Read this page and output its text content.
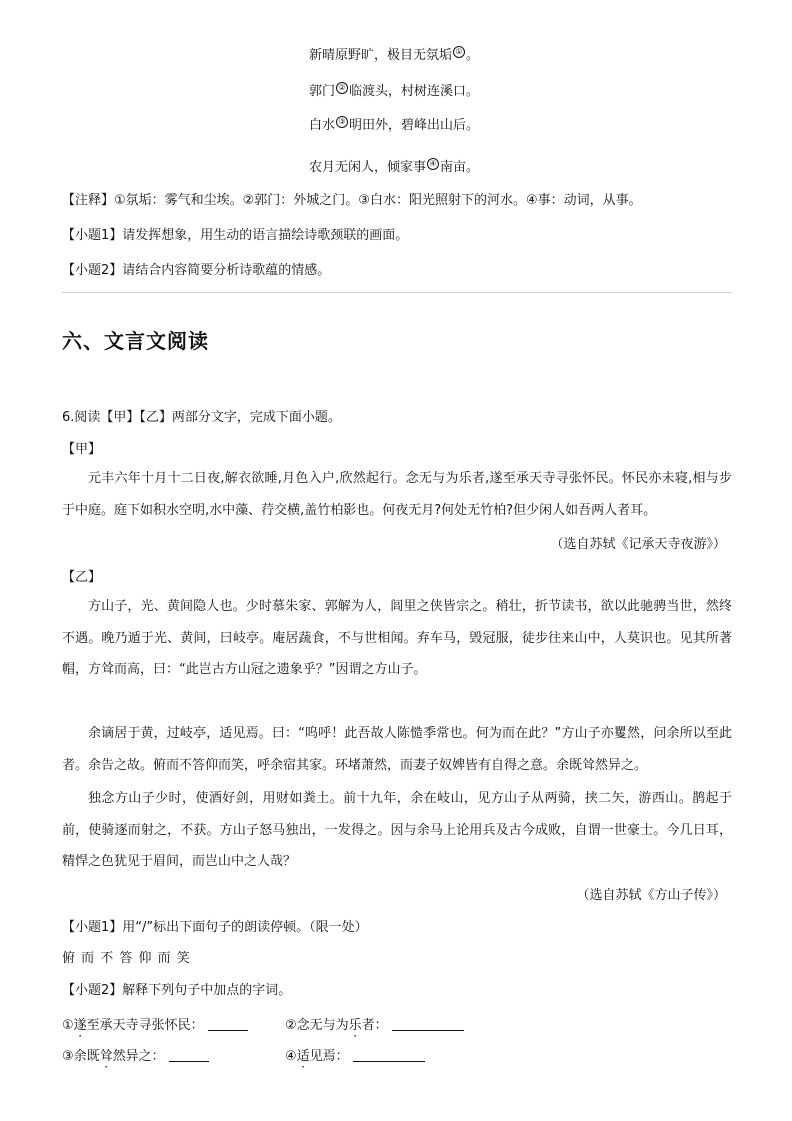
新晴原野旷，极目无氛垢 ① 。
郭门 ② 临渡头，村树连溪口。
白水 ③ 明田外，碧峰出山后。
农月无闲人，倾家事 ④ 南亩。
【注释】①氛垢：雾气和尘埃。②郭门：外城之门。③白水：阳光照射下的河水。④事：动词，从事。
【小题1】请发挥想象，用生动的语言描绘诗歌颈联的画面。
【小题2】请结合内容简要分析诗歌蕴的情感。
六、文言文阅读
6.阅读【甲】【乙】两部分文字，完成下面小题。
【甲】
元丰六年十月十二日夜,解衣欲睡,月色入户,欣然起行。念无与为乐者,遂至承天寺寻张怀民。怀民亦未寝,相与步于中庭。庭下如积水空明,水中藻、荇交横,盖竹柏影也。何夜无月?何处无竹柏?但少闲人如吾两人者耳。
（选自苏轼《记承天寺夜游》）
【乙】
方山子，光、黄间隐人也。少时慕朱家、郭解为人，闾里之侠皆宗之。稍壮，折节读书，欲以此驰骋当世，然终不遇。晚乃遁于光、黄间，曰岐亭。庵居蔬食，不与世相闻。弃车马，毁冠服，徒步往来山中，人莫识也。见其所著帽，方耸而高，曰：“此岂古方山冠之遗象乎？”因谓之方山子。
余谪居于黄，过岐亭，适见焉。曰：“呜呼！此吾故人陈慥季常也。何为而在此？”方山子亦矍然，问余所以至此者。余告之故。俯而不答仰而笑，呼余宿其家。环堵萧然，而妻子奴婢皆有自得之意。余既耸然异之。
独念方山子少时，使酒好剑，用财如粪土。前十九年，余在岐山，见方山子从两骑，挟二矢，游西山。鹊起于前，使骑逐而射之，不获。方山子怒马独出，一发得之。因与余马上论用兵及古今成败，自谓一世豪士。今几日耳，精悍之色犹见于眉间，而岂山中之人哉？
（选自苏轼《方山子传》）
【小题1】用“/”标出下面句子的朗读停顿。（限一处）
俯 而 不 答 仰 而 笑
【小题2】解释下列句子中加点的字词。
①遂至承天寺寻张怀民：	②念无与为乐者：
③余既耸然异之：	④适见焉：
